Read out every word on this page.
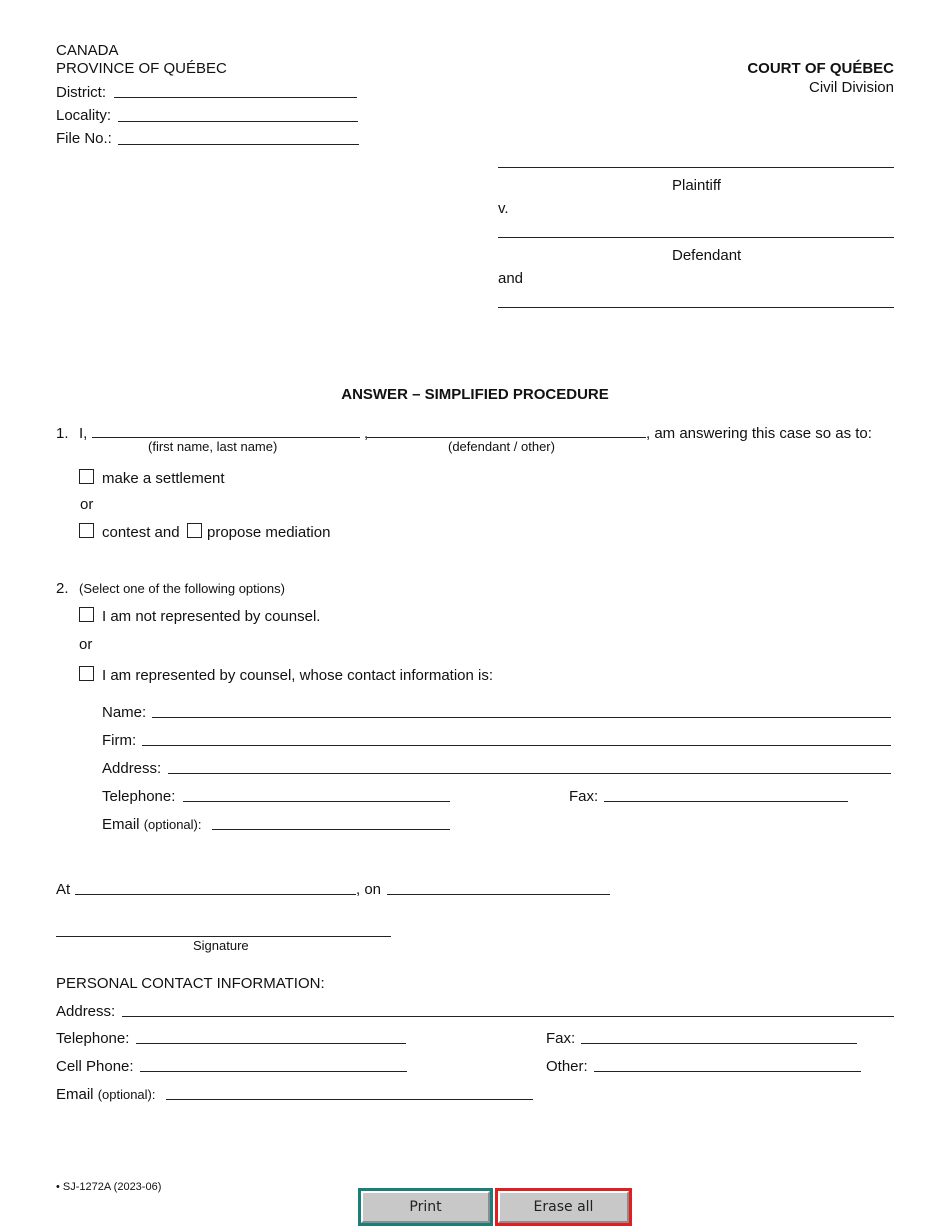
CANADA
PROVINCE OF QUÉBEC
District:
Locality:
File No.:
COURT OF QUÉBEC
Civil Division
Plaintiff
v.
Defendant
and
ANSWER – SIMPLIFIED PROCEDURE
1. I,	,	, am answering this case so as to:
(first name, last name)	(defendant / other)
make a settlement
or
contest and propose mediation
2. (Select one of the following options)
I am not represented by counsel.
or
I am represented by counsel, whose contact information is:
Name:
Firm:
Address:
Telephone:	Fax:
Email (optional):
At	, on
Signature
PERSONAL CONTACT INFORMATION:
Address:
Telephone:	Fax:
Cell Phone:	Other:
Email (optional):
• SJ-1272A (2023-06)
Print	Erase all
